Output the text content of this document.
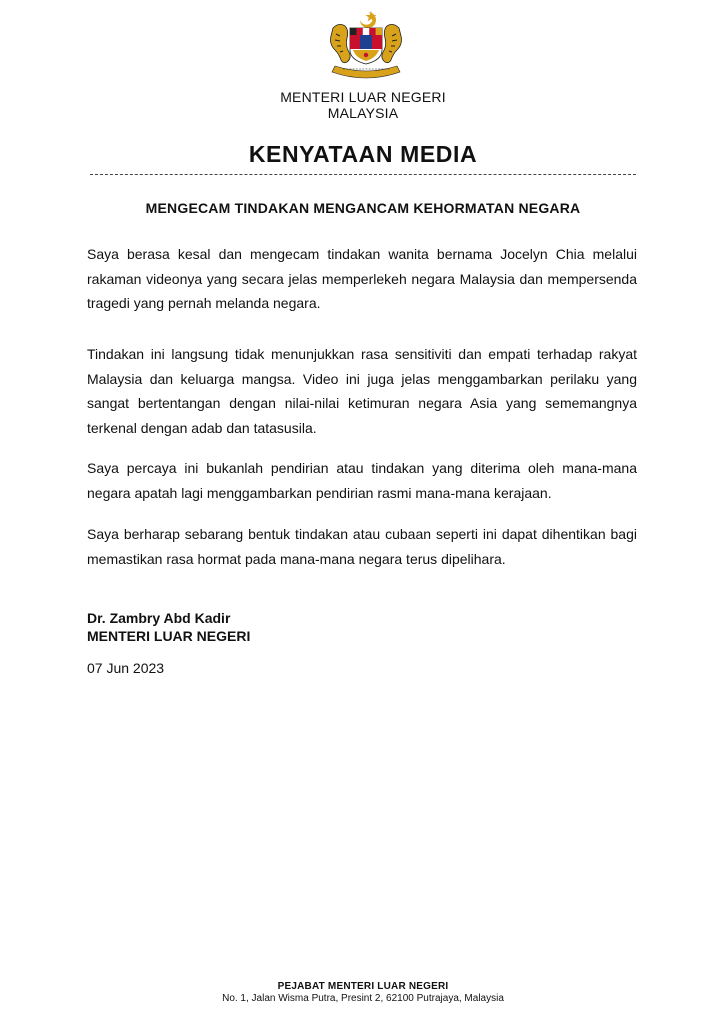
MENTERI LUAR NEGERI
MALAYSIA
KENYATAAN MEDIA
MENGECAM TINDAKAN MENGANCAM KEHORMATAN NEGARA

Saya berasa kesal dan mengecam tindakan wanita bernama Jocelyn Chia melalui rakaman videonya yang secara jelas memperlekeh negara Malaysia dan mempersenda tragedi yang pernah melanda negara.

Tindakan ini langsung tidak menunjukkan rasa sensitiviti dan empati terhadap rakyat Malaysia dan keluarga mangsa. Video ini juga jelas menggambarkan perilaku yang sangat bertentangan dengan nilai-nilai ketimuran negara Asia yang sememangnya terkenal dengan adab dan tatasusila.

Saya percaya ini bukanlah pendirian atau tindakan yang diterima oleh mana-mana negara apatah lagi menggambarkan pendirian rasmi mana-mana kerajaan.

Saya berharap sebarang bentuk tindakan atau cubaan seperti ini dapat dihentikan bagi memastikan rasa hormat pada mana-mana negara terus dipelihara.

Dr. Zambry Abd Kadir
MENTERI LUAR NEGERI
07 Jun 2023
PEJABAT MENTERI LUAR NEGERI
No. 1, Jalan Wisma Putra, Presint 2, 62100 Putrajaya, Malaysia
